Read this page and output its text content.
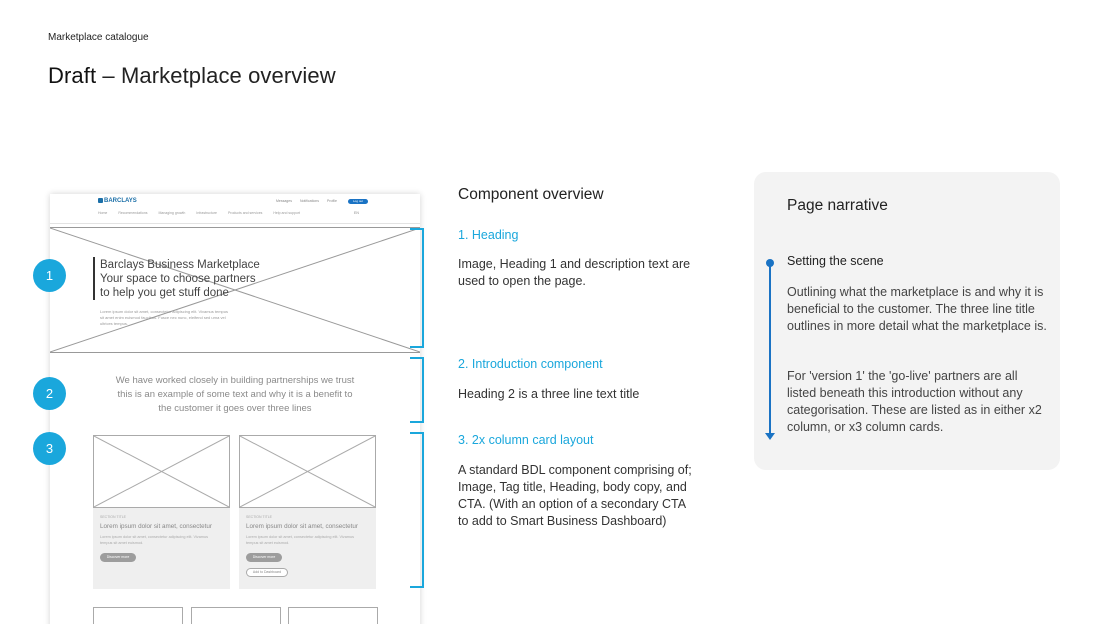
Marketplace catalogue
Draft – Marketplace overview
BARCLAYS
Home	Recommendations	Managing growth	Infrastructure	Products and services	Help and support
Messages Notifications Profile	Log out
EN
Barclays Business Marketplace
Your space to choose partners
to help you get stuff done
Lorem ipsum dolor sit amet, consectetur adipiscing elit. Vivamus tempus sit amet enim euismod faucibus. Fusce nec nunc, eleifend sed urna vel ultrices tempus.
We have worked closely in building partnerships we trust this is an example of some text and why it is a benefit to the customer it goes over three lines
SECTION TITLE
Lorem ipsum dolor sit amet, consectetur
Lorem ipsum dolor sit amet, consectetur adipiscing elit. Vivamus tempus sit amet euismod.
Discover more
SECTION TITLE
Lorem ipsum dolor sit amet, consectetur
Lorem ipsum dolor sit amet, consectetur adipiscing elit. Vivamus tempus sit amet euismod.
Discover more
Add to Dashboard
1
2
3
Component overview
1. Heading
Image, Heading 1 and description text are used to open the page.
2. Introduction component
Heading 2 is a three line text title
3. 2x column card layout
A standard BDL component comprising of; Image, Tag title, Heading, body copy, and CTA. (With an option of a secondary CTA to add to Smart Business Dashboard)
Page narrative
Setting the scene
Outlining what the marketplace is and why it is beneficial to the customer. The three line title outlines in more detail what the marketplace is.
For 'version 1' the 'go-live' partners are all listed beneath this introduction without any categorisation. These are listed as in either x2 column, or x3 column cards.
